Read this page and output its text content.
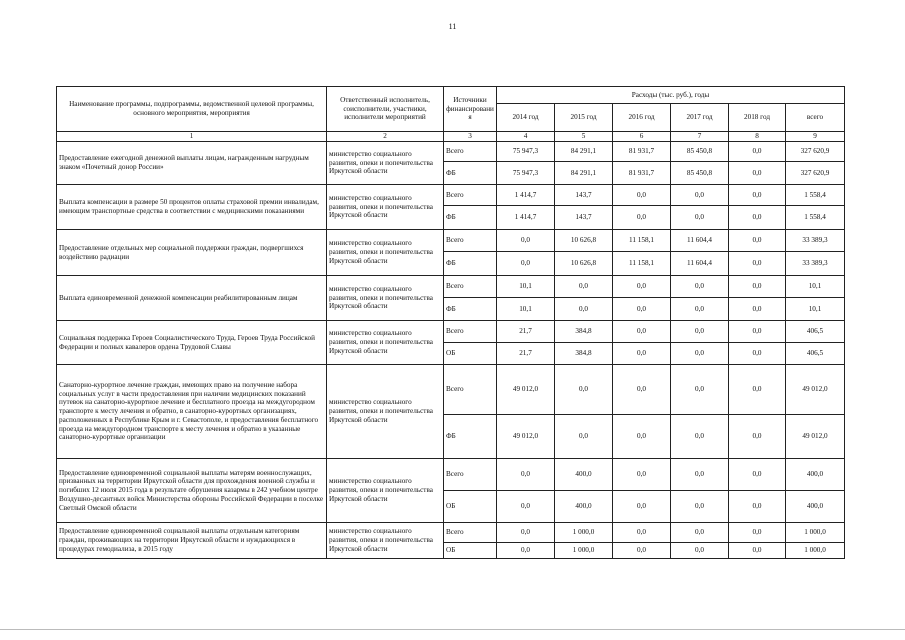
11
Наименование программы, подпрограммы, ведомственной целевой программы, основного мероприятия, мероприятия	Ответственный исполнитель, соисполнители, участники, исполнители мероприятий	Источники финансировани я	Расходы (тыс. руб.), годы					
			2014 год	2015 год	2016 год	2017 год	2018 год	всего
1	2	3	4	5	6	7	8	9
Предоставление ежегодной денежной выплаты лицам, награжденным нагрудным знаком «Почетный донор России»	министерство социального развития, опеки и попечительства Иркутской области	Всего	75 947,3	84 291,1	81 931,7	85 450,8	0,0	327 620,9
		ФБ	75 947,3	84 291,1	81 931,7	85 450,8	0,0	327 620,9
Выплата компенсации в размере 50 процентов оплаты страховой премии инвалидам, имеющим транспортные средства в соответствии с медицинскими показаниями	министерство социального развития, опеки и попечительства Иркутской области	Всего	1 414,7	143,7	0,0	0,0	0,0	1 558,4
		ФБ	1 414,7	143,7	0,0	0,0	0,0	1 558,4
Предоставление отдельных мер социальной поддержки граждан, подвергшихся воздействию радиации	министерство социального развития, опеки и попечительства Иркутской области	Всего	0,0	10 626,8	11 158,1	11 604,4	0,0	33 389,3
		ФБ	0,0	10 626,8	11 158,1	11 604,4	0,0	33 389,3
Выплата единовременной денежной компенсации реабилитированным лицам	министерство социального развития, опеки и попечительства Иркутской области	Всего	10,1	0,0	0,0	0,0	0,0	10,1
		ФБ	10,1	0,0	0,0	0,0	0,0	10,1
Социальная поддержка Героев Социалистического Труда, Героев Труда Российской Федерации и полных кавалеров ордена Трудовой Славы	министерство социального развития, опеки и попечительства Иркутской области	Всего	21,7	384,8	0,0	0,0	0,0	406,5
		ОБ	21,7	384,8	0,0	0,0	0,0	406,5
Санаторно-курортное лечение граждан, имеющих право на получение набора социальных услуг в части предоставления при наличии медицинских показаний путевок на санаторно-курортное лечение и бесплатного проезда на междугородном транспорте к месту лечения и обратно, в санаторно-курортных организациях, расположенных в Республике Крым и г. Севастополе, и предоставления бесплатного проезда на междугородном транспорте к месту лечения и обратно в указанные санаторно-курортные организации	министерство социального развития, опеки и попечительства Иркутской области	Всего	49 012,0	0,0	0,0	0,0	0,0	49 012,0
		ФБ	49 012,0	0,0	0,0	0,0	0,0	49 012,0
Предоставление единовременной социальной выплаты матерям военнослужащих, призванных на территории Иркутской области для прохождения военной службы и погибших 12 июля 2015 года в результате обрушения казармы в 242 учебном центре Воздушно-десантных войск Министерства обороны Российской Федерации в поселке Светлый Омской области	министерство социального развития, опеки и попечительства Иркутской области	Всего	0,0	400,0	0,0	0,0	0,0	400,0
		ОБ	0,0	400,0	0,0	0,0	0,0	400,0
Предоставление единовременной социальной выплаты отдельным категориям граждан, проживающих на территории Иркутской области и нуждающихся в процедурах гемодиализа, в 2015 году	министерство социального развития, опеки и попечительства Иркутской области	Всего	0,0	1 000,0	0,0	0,0	0,0	1 000,0
		ОБ	0,0	1 000,0	0,0	0,0	0,0	1 000,0
